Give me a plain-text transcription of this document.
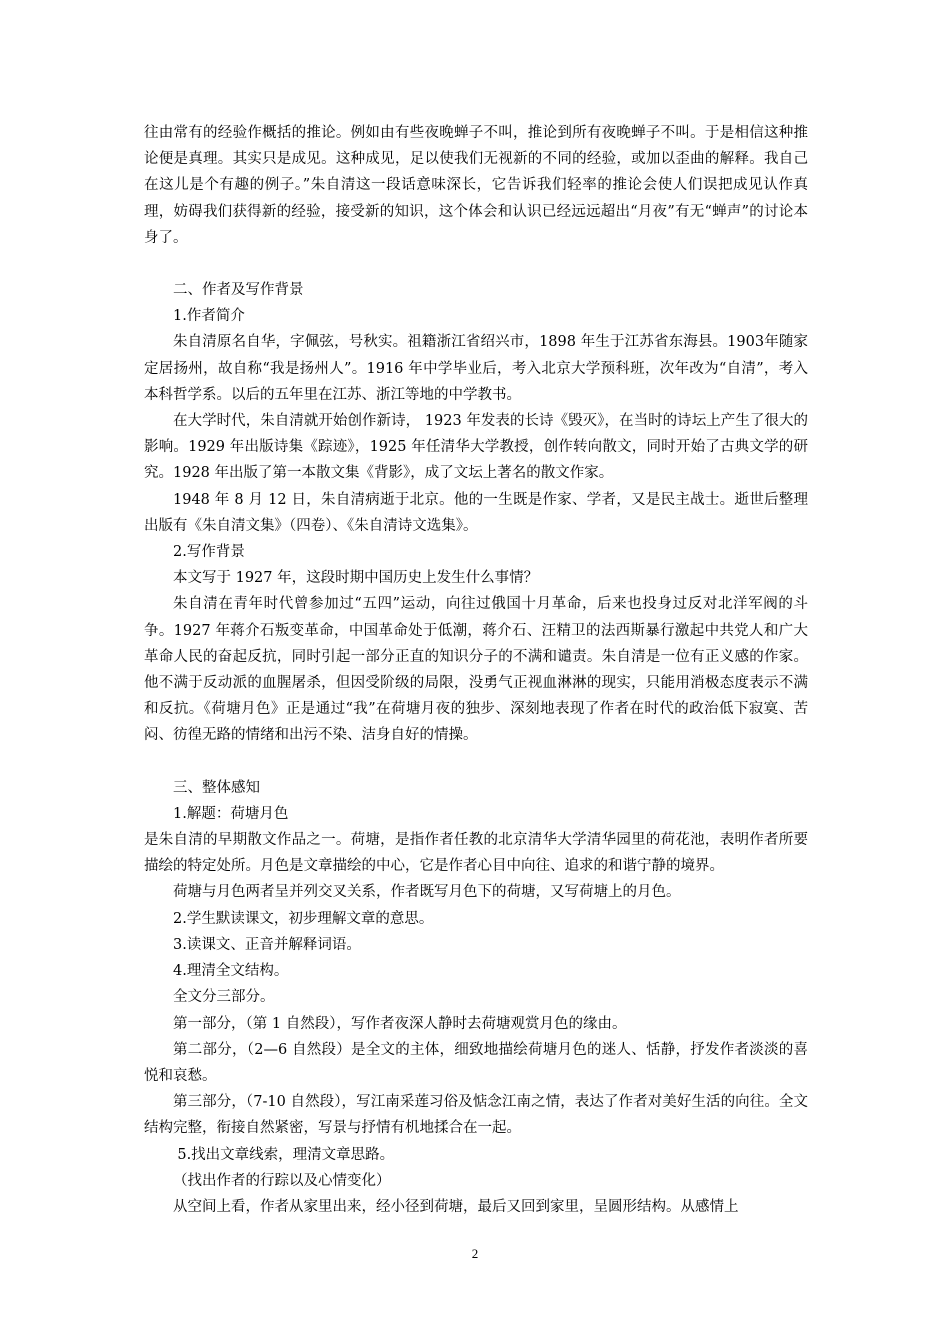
往由常有的经验作概括的推论。例如由有些夜晚蝉子不叫，推论到所有夜晚蝉子不叫。于是相信这种推论便是真理。其实只是成见。这种成见，足以使我们无视新的不同的经验，或加以歪曲的解释。我自己在这儿是个有趣的例子。”朱自清这一段话意味深长，它告诉我们轻率的推论会使人们误把成见认作真理，妨碍我们获得新的经验，接受新的知识，这个体会和认识已经远远超出“月夜”有无“蝉声”的讨论本身了。

二、作者及写作背景

1.作者简介

朱自清原名自华，字佩弦，号秋实。祖籍浙江省绍兴市，1898 年生于江苏省东海县。1903年随家定居扬州，故自称“我是扬州人”。1916 年中学毕业后，考入北京大学预科班，次年改为“自清”，考入本科哲学系。以后的五年里在江苏、浙江等地的中学教书。

在大学时代，朱自清就开始创作新诗， 1923 年发表的长诗《毁灭》，在当时的诗坛上产生了很大的影响。1929 年出版诗集《踪迹》，1925 年任清华大学教授，创作转向散文，同时开始了古典文学的研究。1928 年出版了第一本散文集《背影》，成了文坛上著名的散文作家。

1948 年 8 月 12 日，朱自清病逝于北京。他的一生既是作家、学者，又是民主战士。逝世后整理出版有《朱自清文集》（四卷）、《朱自清诗文选集》。

2.写作背景

本文写于 1927 年，这段时期中国历史上发生什么事情？

朱自清在青年时代曾参加过“五四”运动，向往过俄国十月革命，后来也投身过反对北洋军阀的斗争。1927 年蒋介石叛变革命，中国革命处于低潮，蒋介石、汪精卫的法西斯暴行激起中共党人和广大革命人民的奋起反抗，同时引起一部分正直的知识分子的不满和谴责。朱自清是一位有正义感的作家。他不满于反动派的血腥屠杀，但因受阶级的局限，没勇气正视血淋淋的现实，只能用消极态度表示不满和反抗。《荷塘月色》正是通过“我”在荷塘月夜的独步、深刻地表现了作者在时代的政治低下寂寞、苦闷、彷徨无路的情绪和出污不染、洁身自好的情操。

三、整体感知

1.解题：荷塘月色

是朱自清的早期散文作品之一。荷塘，是指作者任教的北京清华大学清华园里的荷花池，表明作者所要描绘的特定处所。月色是文章描绘的中心，它是作者心目中向往、追求的和谐宁静的境界。

荷塘与月色两者呈并列交叉关系，作者既写月色下的荷塘，又写荷塘上的月色。

2.学生默读课文，初步理解文章的意思。

3.读课文、正音并解释词语。

4.理清全文结构。

全文分三部分。

第一部分，（第 1 自然段），写作者夜深人静时去荷塘观赏月色的缘由。

第二部分，（2—6 自然段）是全文的主体，细致地描绘荷塘月色的迷人、恬静，抒发作者淡淡的喜悦和哀愁。

第三部分，（7-10 自然段），写江南采莲习俗及惦念江南之情，表达了作者对美好生活的向往。全文结构完整，衔接自然紧密，写景与抒情有机地揉合在一起。

5.找出文章线索，理清文章思路。

（找出作者的行踪以及心情变化）

从空间上看，作者从家里出来，经小径到荷塘，最后又回到家里，呈圆形结构。从感情上

2
